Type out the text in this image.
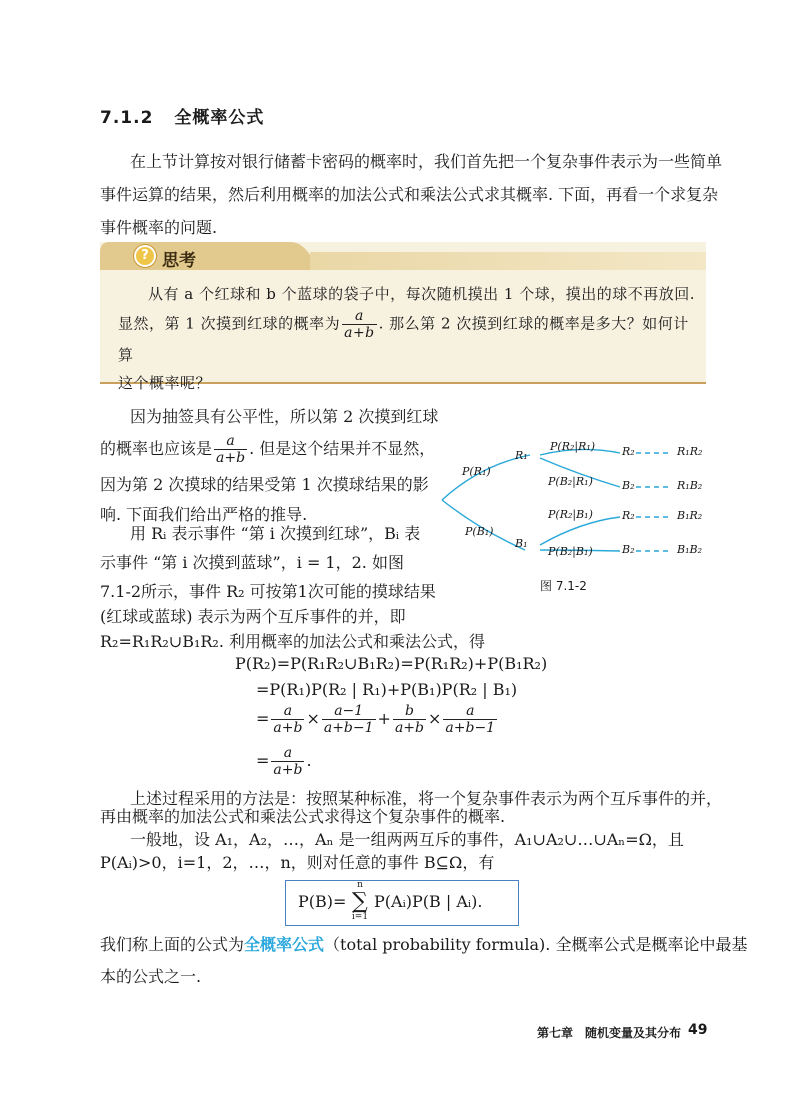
7.1.2 全概率公式
在上节计算按对银行储蓄卡密码的概率时，我们首先把一个复杂事件表示为一些简单
事件运算的结果，然后利用概率的加法公式和乘法公式求其概率. 下面，再看一个求复杂
事件概率的问题.
? 思考
从有 a 个红球和 b 个蓝球的袋子中，每次随机摸出 1 个球，摸出的球不再放回.
显然，第 1 次摸到红球的概率为 $\frac{a}{a+b}$ . 那么第 2 次摸到红球的概率是多大？如何计算
这个概率呢？
因为抽签具有公平性，所以第 2 次摸到红球
的概率也应该是 $\frac{a}{a+b}$ . 但是这个结果并不显然，
因为第 2 次摸球的结果受第 1 次摸球结果的影
响. 下面我们给出严格的推导.
用 Rᵢ 表示事件 “第 i 次摸到红球”，Bᵢ 表
示事件 “第 i 次摸到蓝球”，i = 1，2. 如图
7.1-2所示，事件 R₂ 可按第1次可能的摸球结果
(红球或蓝球) 表示为两个互斥事件的并，即
R₂=R₁R₂∪B₁R₂. 利用概率的加法公式和乘法公式，得
P(R₁)
P(B₁)
R₁
B₁
P(R₂|R₁)
P(B₂|R₁)
P(R₂|B₁)
P(B₂|B₁)
R₂
B₂
R₂
B₂
R₁R₂
R₁B₂
B₁R₂
B₁B₂
图 7.1-2
P(R₂)=P(R₁R₂∪B₁R₂)=P(R₁R₂)+P(B₁R₂)
=P(R₁)P(R₂ | R₁)+P(B₁)P(R₂ | B₁)
= $\frac{a}{a+b} \times \frac{a-1}{a+b-1} + \frac{b}{a+b} \times \frac{a}{a+b-1}$
= $\frac{a}{a+b}$ .
上述过程采用的方法是：按照某种标准，将一个复杂事件表示为两个互斥事件的并，
再由概率的加法公式和乘法公式求得这个复杂事件的概率.
一般地，设 A₁，A₂，…，Aₙ 是一组两两互斥的事件，A₁∪A₂∪…∪Aₙ=Ω，且
P(Aᵢ)>0，i=1，2，…，n，则对任意的事件 B⊆Ω，有
P(B)=
n
∑
i=1
P(Aᵢ)P(B | Aᵢ).
我们称上面的公式为全概率公式（total probability formula). 全概率公式是概率论中最基
本的公式之一.
第七章 随机变量及其分布 49
